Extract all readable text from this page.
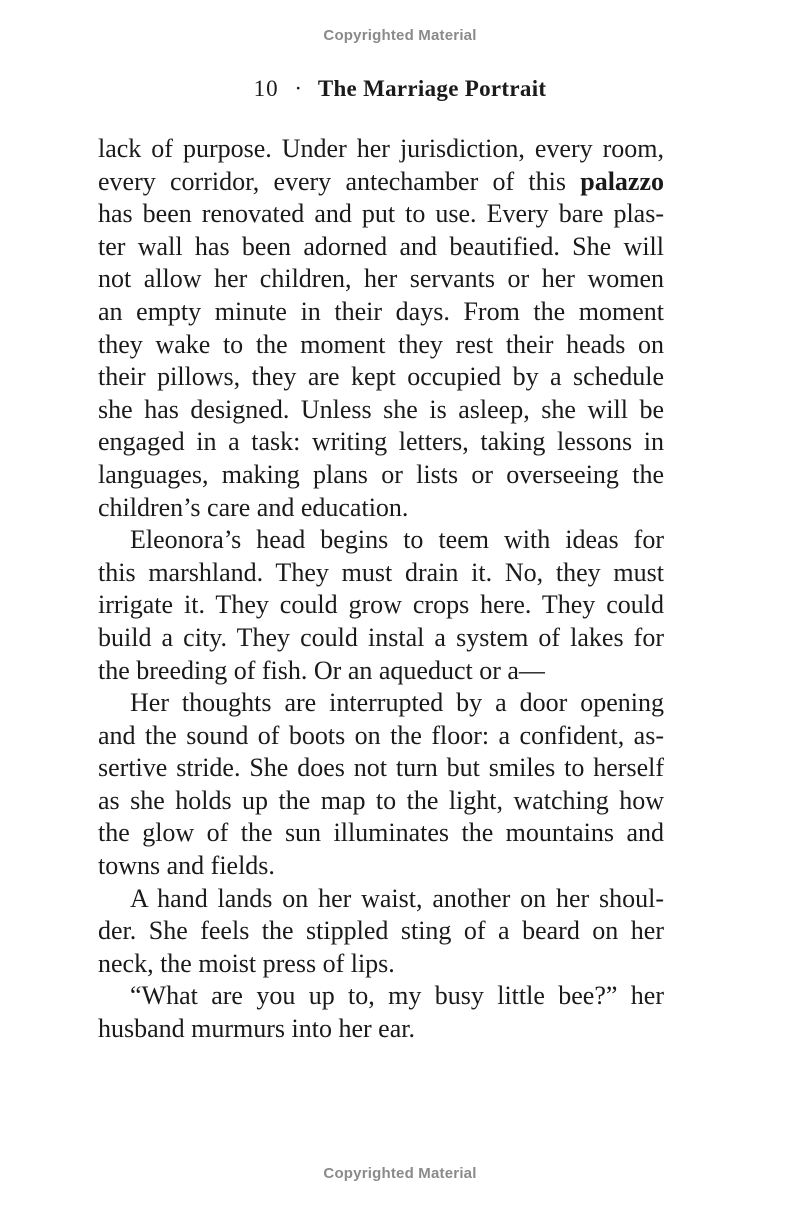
Copyrighted Material
10 · The Marriage Portrait
lack of purpose. Under her jurisdiction, every room,
every corridor, every antechamber of this palazzo
has been renovated and put to use. Every bare plas-
ter wall has been adorned and beautified. She will
not allow her children, her servants or her women
an empty minute in their days. From the moment
they wake to the moment they rest their heads on
their pillows, they are kept occupied by a schedule
she has designed. Unless she is asleep, she will be
engaged in a task: writing letters, taking lessons in
languages, making plans or lists or overseeing the
children’s care and education.
Eleonora’s head begins to teem with ideas for
this marshland. They must drain it. No, they must
irrigate it. They could grow crops here. They could
build a city. They could instal a system of lakes for
the breeding of fish. Or an aqueduct or a—
Her thoughts are interrupted by a door opening
and the sound of boots on the floor: a confident, as-
sertive stride. She does not turn but smiles to herself
as she holds up the map to the light, watching how
the glow of the sun illuminates the mountains and
towns and fields.
A hand lands on her waist, another on her shoul-
der. She feels the stippled sting of a beard on her
neck, the moist press of lips.
“What are you up to, my busy little bee?” her
husband murmurs into her ear.
Copyrighted Material
